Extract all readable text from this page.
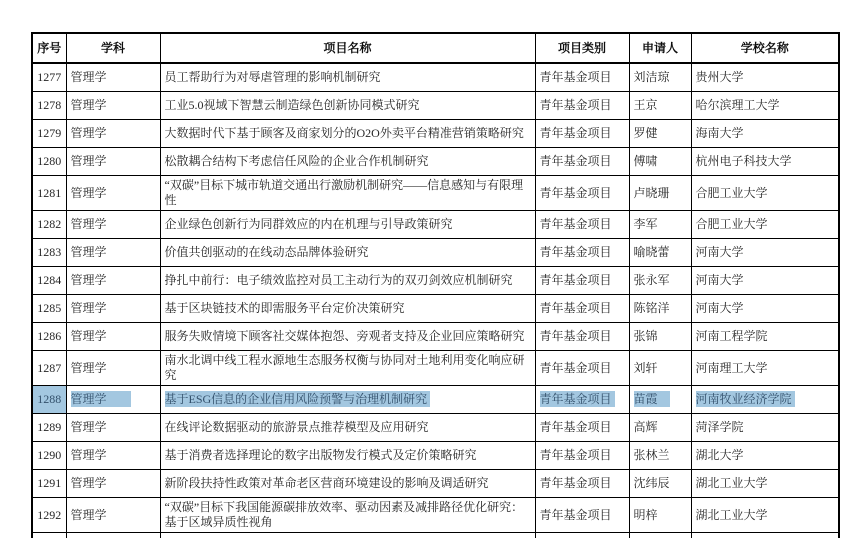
序号	学科	项目名称	项目类别	申请人	学校名称
1277	管理学	员工帮助行为对辱虐管理的影响机制研究	青年基金项目	刘洁琼	贵州大学
1278	管理学	工业5.0视域下智慧云制造绿色创新协同模式研究	青年基金项目	王京	哈尔滨理工大学
1279	管理学	大数据时代下基于顾客及商家划分的O2O外卖平台精准营销策略研究	青年基金项目	罗健	海南大学
1280	管理学	松散耦合结构下考虑信任风险的企业合作机制研究	青年基金项目	傅啸	杭州电子科技大学
1281	管理学	“双碳”目标下城市轨道交通出行激励机制研究——信息感知与有限理性	青年基金项目	卢晓珊	合肥工业大学
1282	管理学	企业绿色创新行为同群效应的内在机理与引导政策研究	青年基金项目	李军	合肥工业大学
1283	管理学	价值共创驱动的在线动态品牌体验研究	青年基金项目	喻晓蕾	河南大学
1284	管理学	挣扎中前行：电子绩效监控对员工主动行为的双刃剑效应机制研究	青年基金项目	张永军	河南大学
1285	管理学	基于区块链技术的即需服务平台定价决策研究	青年基金项目	陈铭洋	河南大学
1286	管理学	服务失败情境下顾客社交媒体抱怨、旁观者支持及企业回应策略研究	青年基金项目	张锦	河南工程学院
1287	管理学	南水北调中线工程水源地生态服务权衡与协同对土地利用变化响应研究	青年基金项目	刘轩	河南理工大学
1288	管理学	基于ESG信息的企业信用风险预警与治理机制研究	青年基金项目	苗霞	河南牧业经济学院
1289	管理学	在线评论数据驱动的旅游景点推荐模型及应用研究	青年基金项目	高辉	菏泽学院
1290	管理学	基于消费者选择理论的数字出版物发行模式及定价策略研究	青年基金项目	张林兰	湖北大学
1291	管理学	新阶段扶持性政策对革命老区营商环境建设的影响及调适研究	青年基金项目	沈纬辰	湖北工业大学
1292	管理学	“双碳”目标下我国能源碳排放效率、驱动因素及减排路径优化研究：基于区域异质性视角	青年基金项目	明梓	湖北工业大学
